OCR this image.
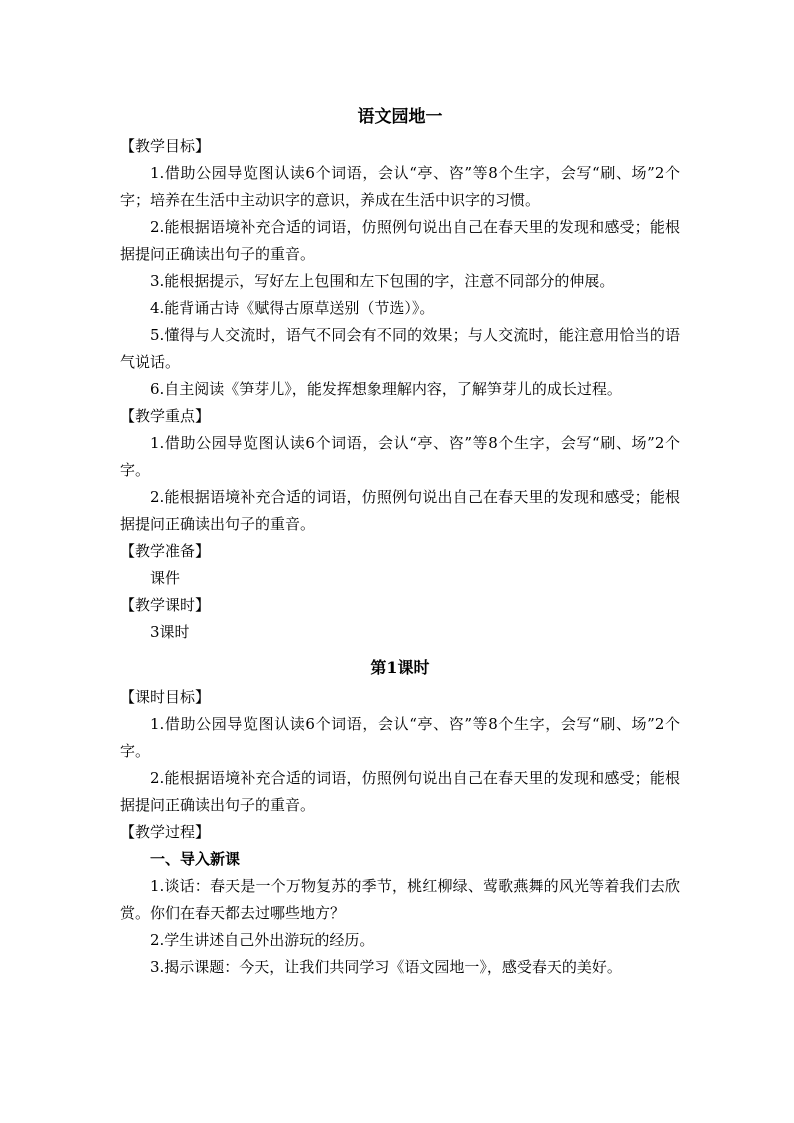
语文园地一

【教学目标】

1.借助公园导览图认读6个词语，会认“亭、咨”等8个生字，会写“刷、场”2个字；培养在生活中主动识字的意识，养成在生活中识字的习惯。

2.能根据语境补充合适的词语，仿照例句说出自己在春天里的发现和感受；能根据提问正确读出句子的重音。

3.能根据提示，写好左上包围和左下包围的字，注意不同部分的伸展。

4.能背诵古诗《赋得古原草送别（节选）》。

5.懂得与人交流时，语气不同会有不同的效果；与人交流时，能注意用恰当的语气说话。

6.自主阅读《笋芽儿》，能发挥想象理解内容，了解笋芽儿的成长过程。

【教学重点】

1.借助公园导览图认读6个词语，会认“亭、咨”等8个生字，会写“刷、场”2个字。

2.能根据语境补充合适的词语，仿照例句说出自己在春天里的发现和感受；能根据提问正确读出句子的重音。

【教学准备】

课件

【教学课时】

3课时

第1课时

【课时目标】

1.借助公园导览图认读6个词语，会认“亭、咨”等8个生字，会写“刷、场”2个字。

2.能根据语境补充合适的词语，仿照例句说出自己在春天里的发现和感受；能根据提问正确读出句子的重音。

【教学过程】

一、导入新课

1.谈话：春天是一个万物复苏的季节，桃红柳绿、莺歌燕舞的风光等着我们去欣赏。你们在春天都去过哪些地方？

2.学生讲述自己外出游玩的经历。

3.揭示课题：今天，让我们共同学习《语文园地一》，感受春天的美好。
